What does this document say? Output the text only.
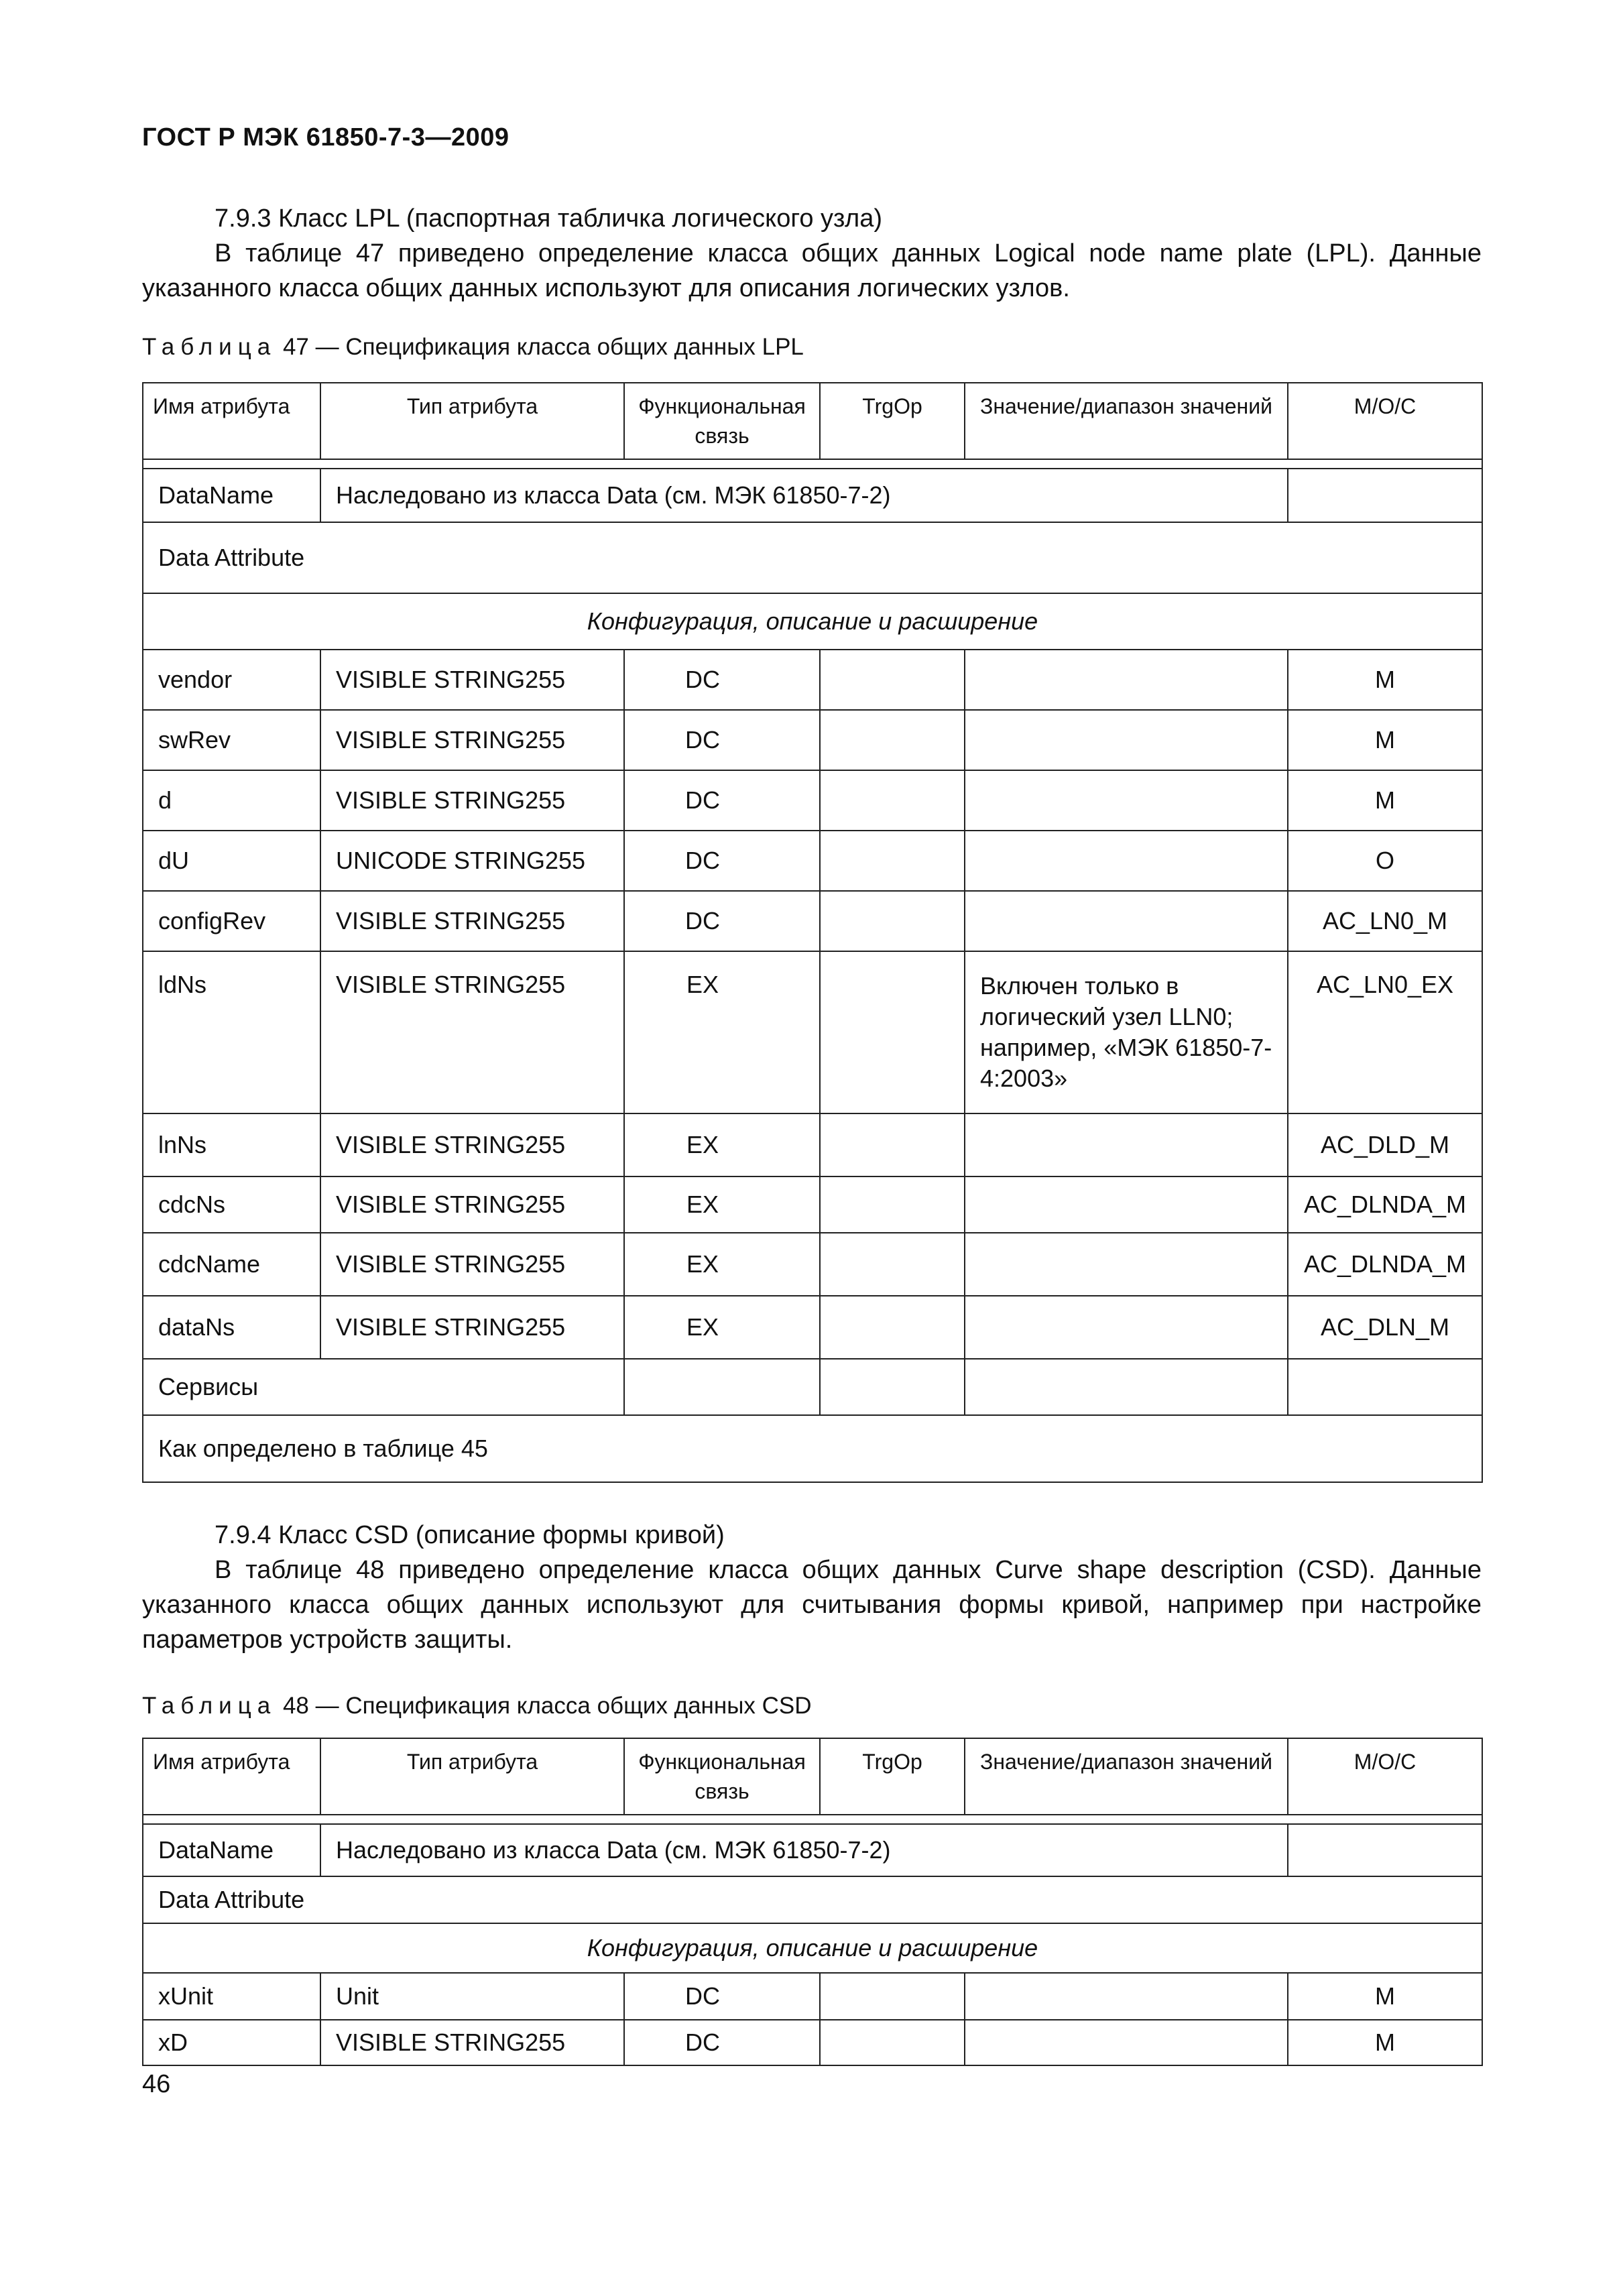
ГОСТ Р МЭК 61850-7-3—2009

7.9.3 Класс LPL (паспортная табличка логического узла)

В таблице 47 приведено определение класса общих данных Logical node name plate (LPL). Данные указанного класса общих данных используют для описания логических узлов.

Таблица 47 — Спецификация класса общих данных LPL
Имя атрибута	Тип атрибута	Функциональная связь	TrgOp	Значение/диапазон значений	M/O/C

DataName	Наследовано из класса Data (см. МЭК 61850-7-2)				
Data Attribute					
Конфигурация, описание и расширение					
vendor	VISIBLE STRING255	DC			M
swRev	VISIBLE STRING255	DC			M
d	VISIBLE STRING255	DC			M
dU	UNICODE STRING255	DC			O
configRev	VISIBLE STRING255	DC			AC_LN0_M
ldNs	VISIBLE STRING255	EX		Включен только в логический узел LLN0; например, «МЭК 61850-7-4:2003»	AC_LN0_EX
lnNs	VISIBLE STRING255	EX			AC_DLD_M
cdcNs	VISIBLE STRING255	EX			AC_DLNDA_M
cdcName	VISIBLE STRING255	EX			AC_DLNDA_M
dataNs	VISIBLE STRING255	EX			AC_DLN_M
Сервисы					
Как определено в таблице 45					

7.9.4 Класс CSD (описание формы кривой)

В таблице 48 приведено определение класса общих данных Curve shape description (CSD). Данные указанного класса общих данных используют для считывания формы кривой, например при настройке параметров устройств защиты.

Таблица 48 — Спецификация класса общих данных CSD
Имя атрибута	Тип атрибута	Функциональная связь	TrgOp	Значение/диапазон значений	M/O/C

DataName	Наследовано из класса Data (см. МЭК 61850-7-2)				
Data Attribute					
Конфигурация, описание и расширение					
xUnit	Unit	DC			M
xD	VISIBLE STRING255	DC			M
46
